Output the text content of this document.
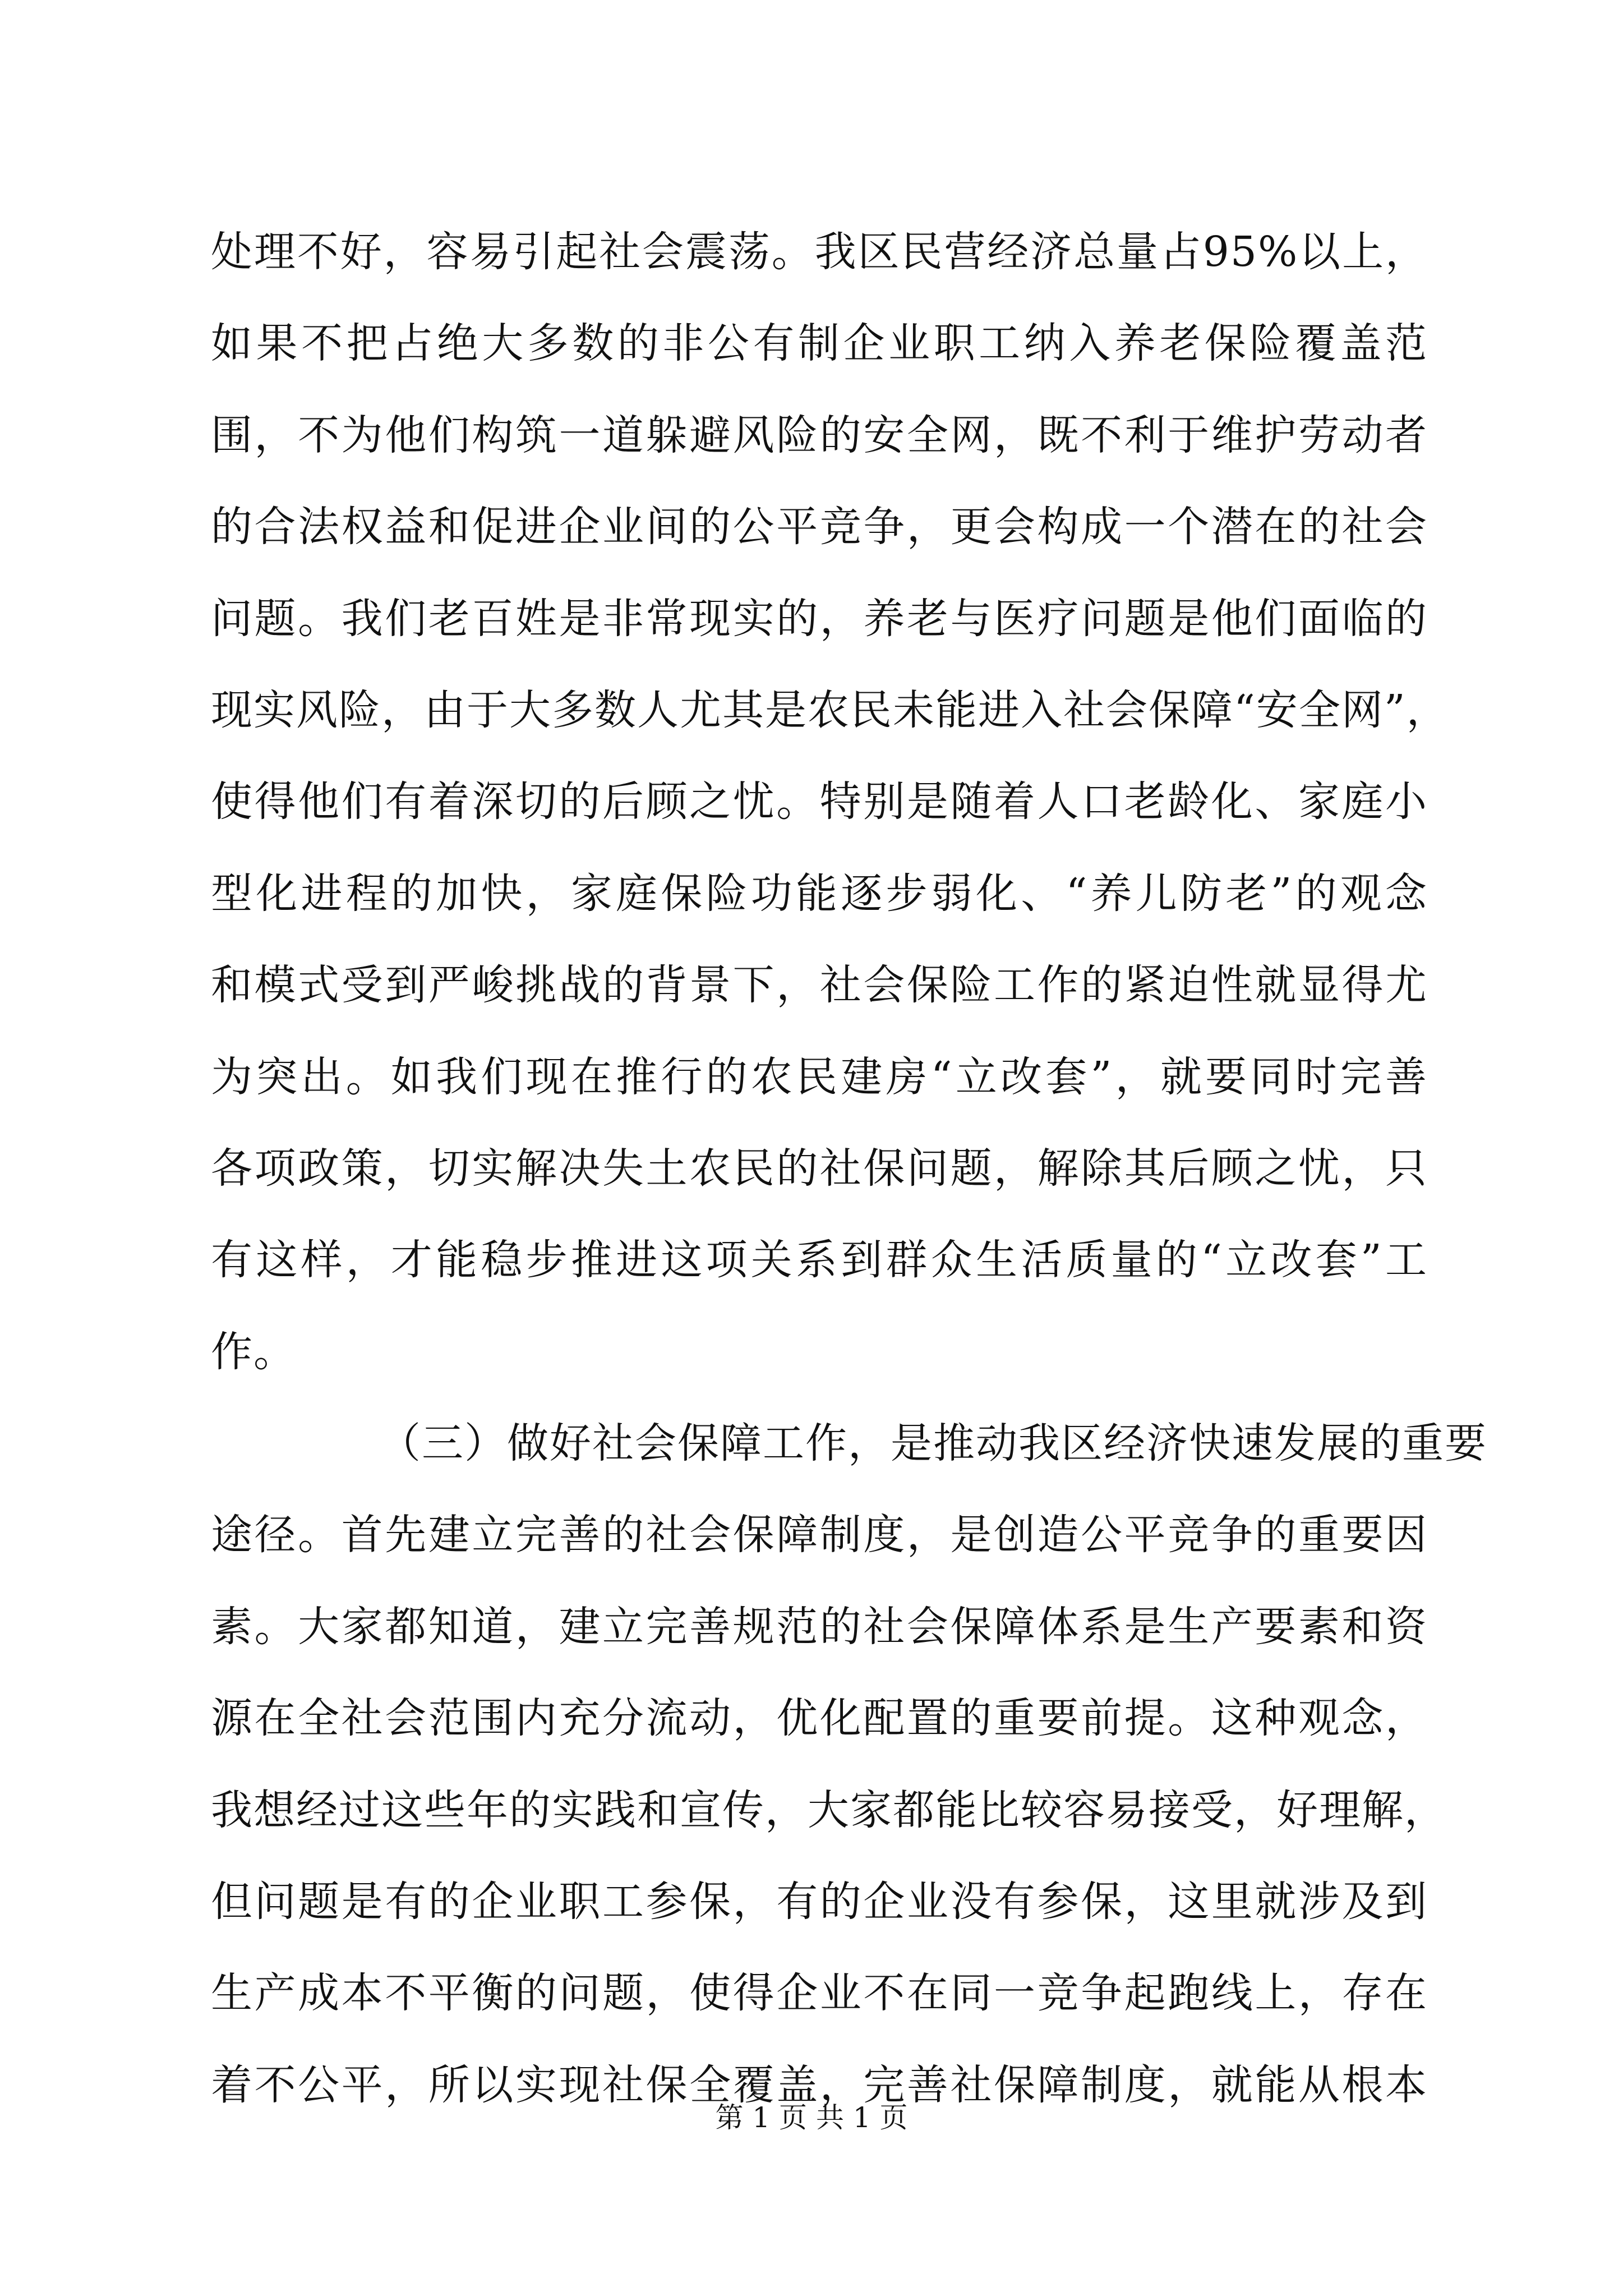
处理不好，容易引起社会震荡。我区民营经济总量占95%以上，
如果不把占绝大多数的非公有制企业职工纳入养老保险覆盖范
围，不为他们构筑一道躲避风险的安全网，既不利于维护劳动者
的合法权益和促进企业间的公平竞争，更会构成一个潜在的社会
问题。我们老百姓是非常现实的，养老与医疗问题是他们面临的
现实风险，由于大多数人尤其是农民未能进入社会保障“安全网”，
使得他们有着深切的后顾之忧。特别是随着人口老龄化、家庭小
型化进程的加快，家庭保险功能逐步弱化、“养儿防老”的观念
和模式受到严峻挑战的背景下，社会保险工作的紧迫性就显得尤
为突出。如我们现在推行的农民建房“立改套”，就要同时完善
各项政策，切实解决失土农民的社保问题，解除其后顾之忧，只
有这样，才能稳步推进这项关系到群众生活质量的“立改套”工
作。
（三）做好社会保障工作，是推动我区经济快速发展的重要
途径。首先建立完善的社会保障制度，是创造公平竞争的重要因
素。大家都知道，建立完善规范的社会保障体系是生产要素和资
源在全社会范围内充分流动，优化配置的重要前提。这种观念，
我想经过这些年的实践和宣传，大家都能比较容易接受，好理解，
但问题是有的企业职工参保，有的企业没有参保，这里就涉及到
生产成本不平衡的问题，使得企业不在同一竞争起跑线上，存在
着不公平，所以实现社保全覆盖，完善社保障制度，就能从根本
第 1 页 共 1 页
